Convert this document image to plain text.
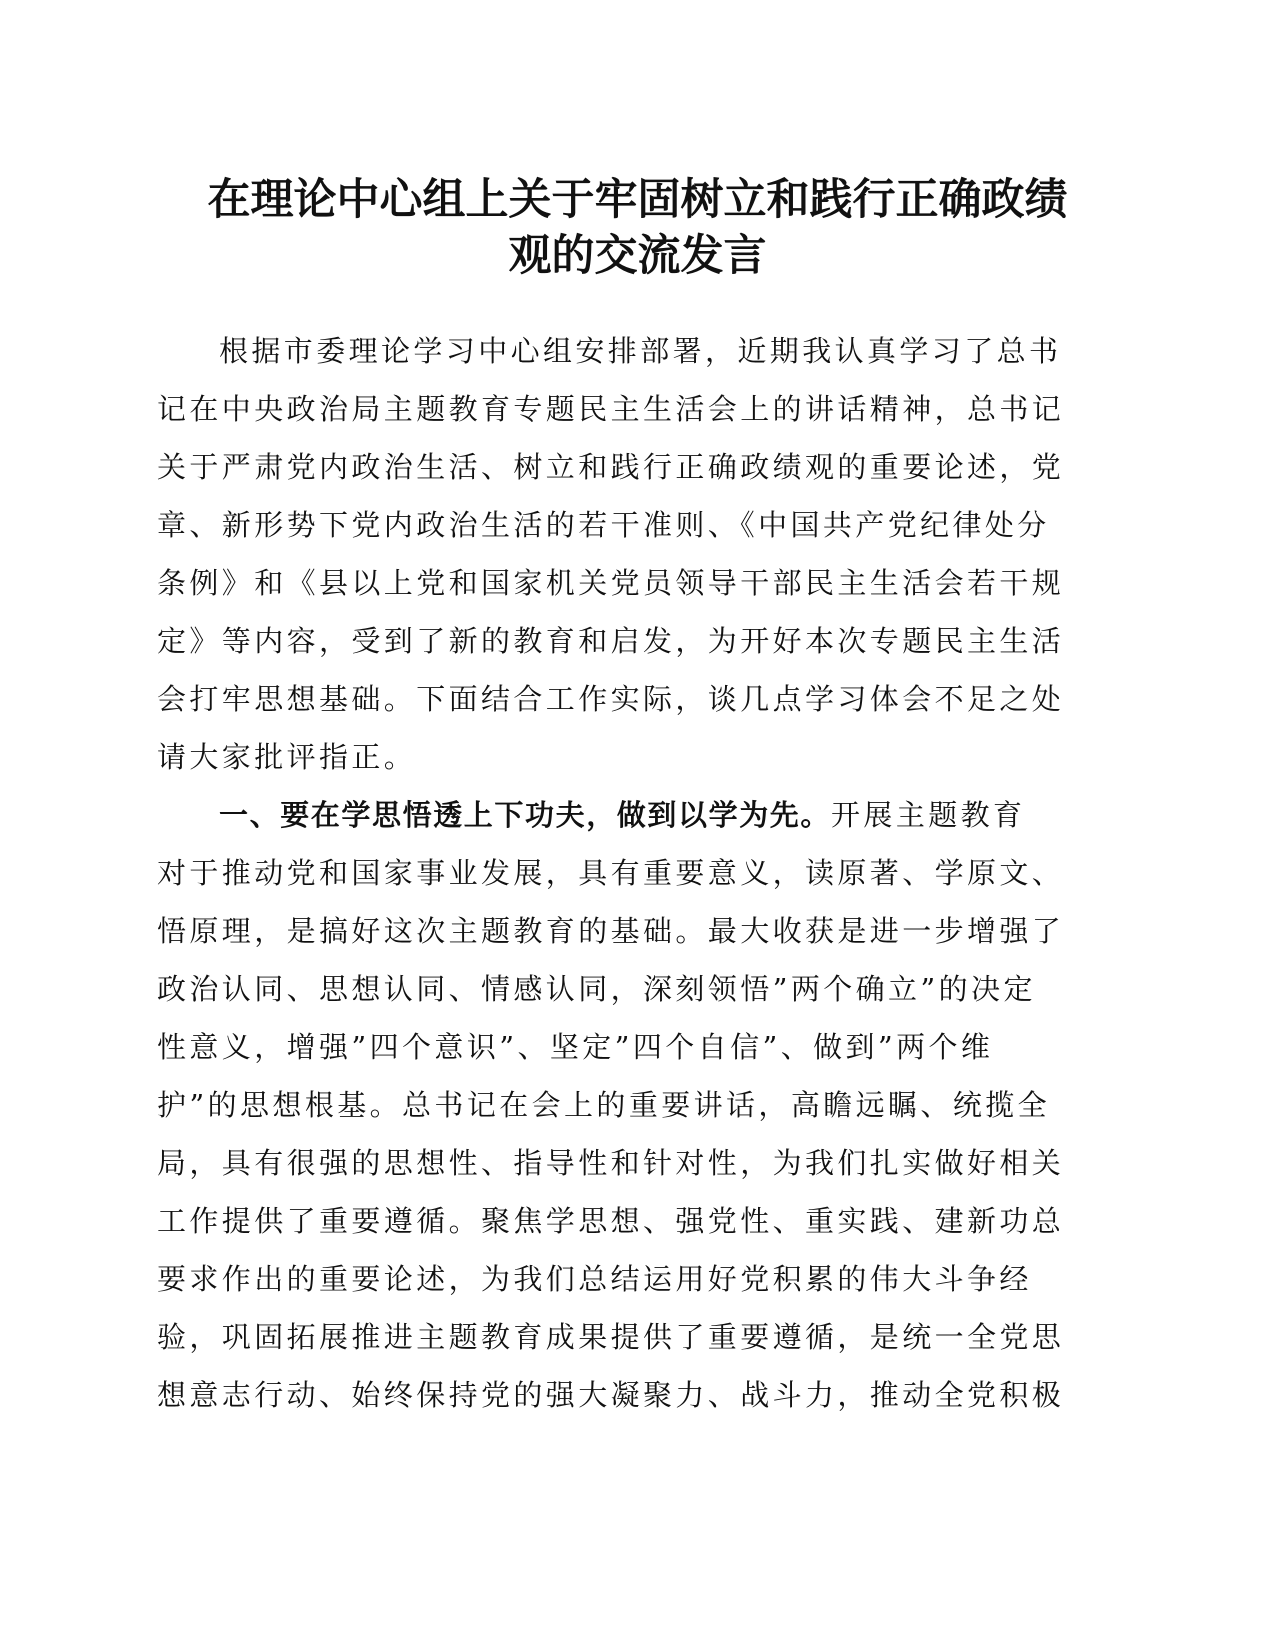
在理论中心组上关于牢固树立和践行正确政绩
观的交流发言
根据市委理论学习中心组安排部署，近期我认真学习了总书
记在中央政治局主题教育专题民主生活会上的讲话精神，总书记
关于严肃党内政治生活、树立和践行正确政绩观的重要论述，党
章、新形势下党内政治生活的若干准则、《中国共产党纪律处分
条例》和《县以上党和国家机关党员领导干部民主生活会若干规
定》等内容，受到了新的教育和启发，为开好本次专题民主生活
会打牢思想基础。下面结合工作实际，谈几点学习体会不足之处
请大家批评指正。
一、要在学思悟透上下功夫，做到以学为先。开展主题教育
对于推动党和国家事业发展，具有重要意义，读原著、学原文、
悟原理，是搞好这次主题教育的基础。最大收获是进一步增强了
政治认同、思想认同、情感认同，深刻领悟”两个确立”的决定
性意义，增强”四个意识”、坚定”四个自信”、做到”两个维
护”的思想根基。总书记在会上的重要讲话，高瞻远瞩、统揽全
局，具有很强的思想性、指导性和针对性，为我们扎实做好相关
工作提供了重要遵循。聚焦学思想、强党性、重实践、建新功总
要求作出的重要论述，为我们总结运用好党积累的伟大斗争经
验，巩固拓展推进主题教育成果提供了重要遵循，是统一全党思
想意志行动、始终保持党的强大凝聚力、战斗力，推动全党积极
